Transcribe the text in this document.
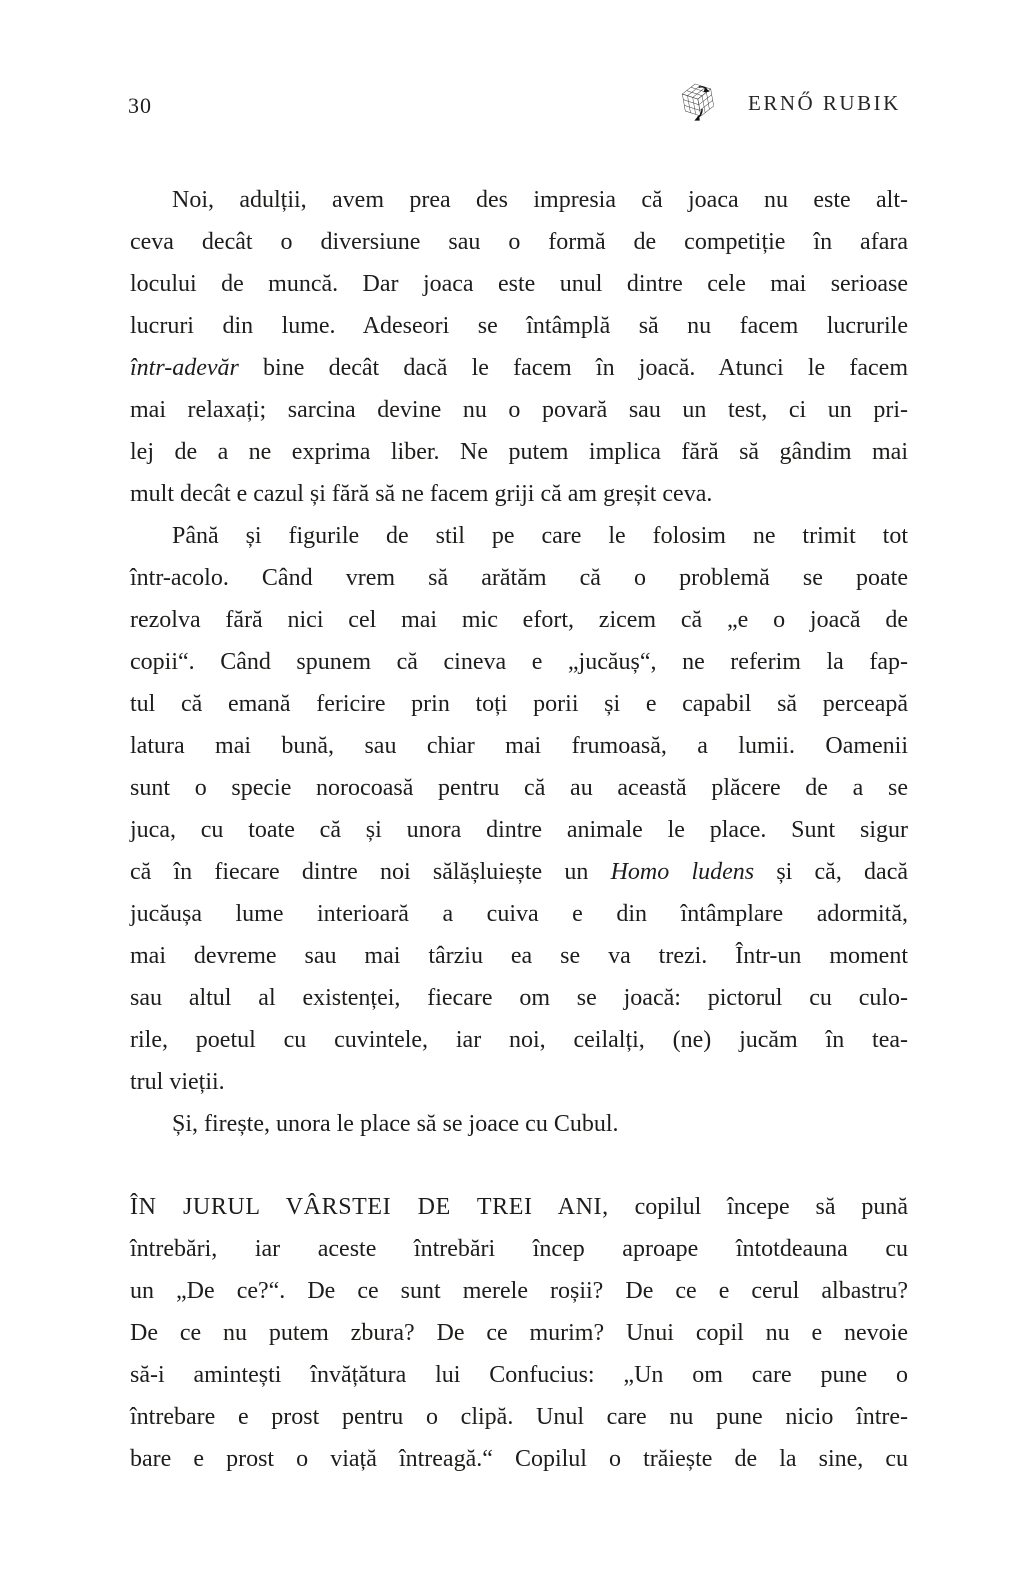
30	ERNŐ RUBIK
Noi, adulții, avem prea des impresia că joaca nu este alt-
ceva decât o diversiune sau o formă de competiție în afara
locului de muncă. Dar joaca este unul dintre cele mai serioase
lucruri din lume. Adeseori se întâmplă să nu facem lucrurile
într-adevăr bine decât dacă le facem în joacă. Atunci le facem
mai relaxați; sarcina devine nu o povară sau un test, ci un pri-
lej de a ne exprima liber. Ne putem implica fără să gândim mai
mult decât e cazul și fără să ne facem griji că am greșit ceva.
Până și figurile de stil pe care le folosim ne trimit tot
într-acolo. Când vrem să arătăm că o problemă se poate
rezolva fără nici cel mai mic efort, zicem că „e o joacă de
copii“. Când spunem că cineva e „jucăuș“, ne referim la fap-
tul că emană fericire prin toți porii și e capabil să perceapă
latura mai bună, sau chiar mai frumoasă, a lumii. Oamenii
sunt o specie norocoasă pentru că au această plăcere de a se
juca, cu toate că și unora dintre animale le place. Sunt sigur
că în fiecare dintre noi sălășluiește un Homo ludens și că, dacă
jucăușa lume interioară a cuiva e din întâmplare adormită,
mai devreme sau mai târziu ea se va trezi. Într-un moment
sau altul al existenței, fiecare om se joacă: pictorul cu culo-
rile, poetul cu cuvintele, iar noi, ceilalți, (ne) jucăm în tea-
trul vieții.
Și, firește, unora le place să se joace cu Cubul.
ÎN JURUL VÂRSTEI DE TREI ANI, copilul începe să pună
întrebări, iar aceste întrebări încep aproape întotdeauna cu
un „De ce?“. De ce sunt merele roșii? De ce e cerul albastru?
De ce nu putem zbura? De ce murim? Unui copil nu e nevoie
să-i amintești învățătura lui Confucius: „Un om care pune o
întrebare e prost pentru o clipă. Unul care nu pune nicio între-
bare e prost o viață întreagă.“ Copilul o trăiește de la sine, cu
